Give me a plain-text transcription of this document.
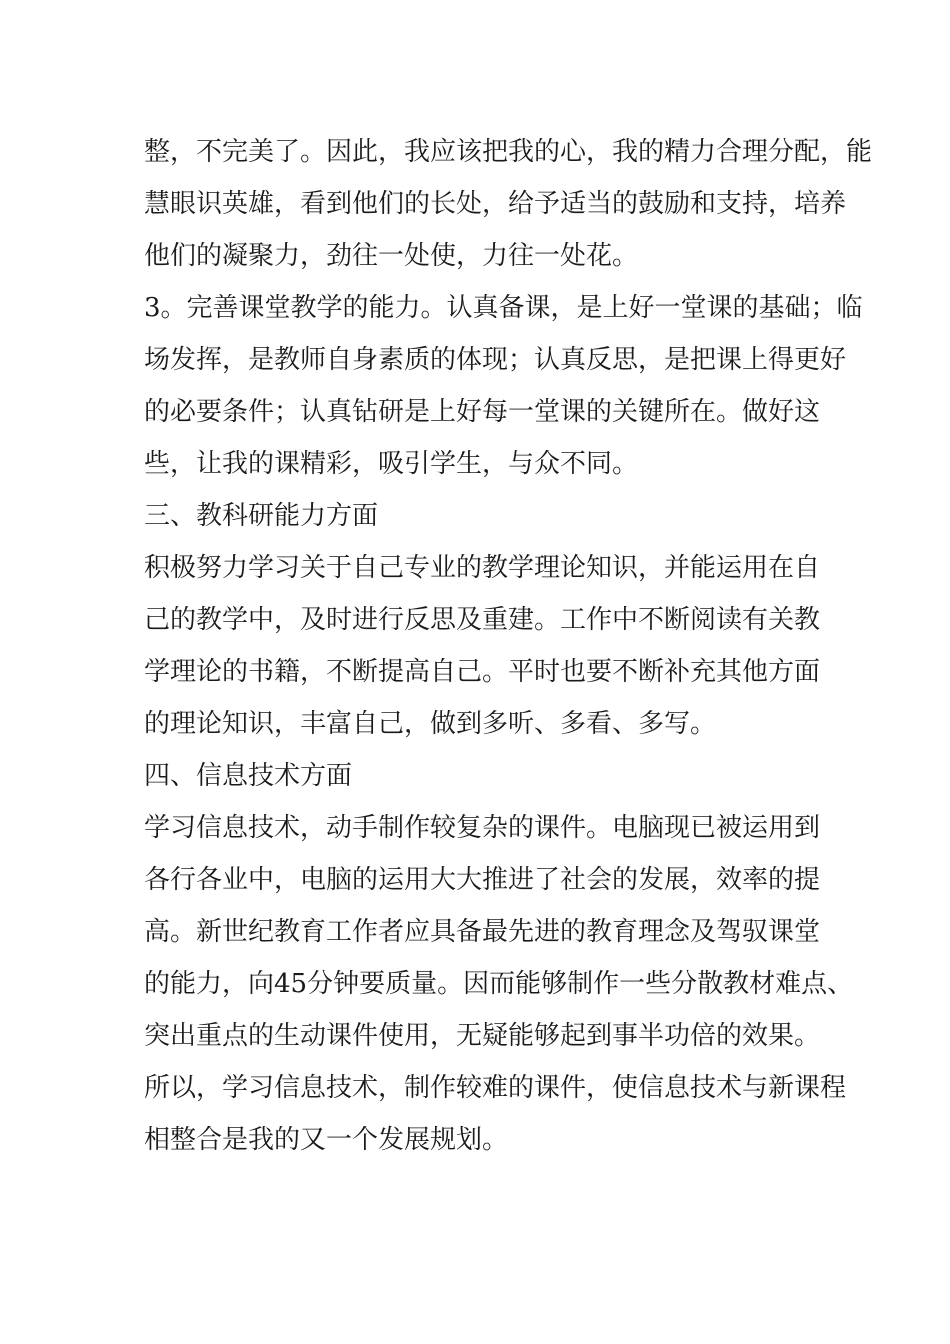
整，不完美了。因此，我应该把我的心，我的精力合理分配，能
慧眼识英雄，看到他们的长处，给予适当的鼓励和支持，培养
他们的凝聚力，劲往一处使，力往一处花。
3。完善课堂教学的能力。认真备课，是上好一堂课的基础；临
场发挥，是教师自身素质的体现；认真反思，是把课上得更好
的必要条件；认真钻研是上好每一堂课的关键所在。做好这
些，让我的课精彩，吸引学生，与众不同。
三、教科研能力方面
积极努力学习关于自己专业的教学理论知识，并能运用在自
己的教学中，及时进行反思及重建。工作中不断阅读有关教
学理论的书籍，不断提高自己。平时也要不断补充其他方面
的理论知识，丰富自己，做到多听、多看、多写。
四、信息技术方面
学习信息技术，动手制作较复杂的课件。电脑现已被运用到
各行各业中，电脑的运用大大推进了社会的发展，效率的提
高。新世纪教育工作者应具备最先进的教育理念及驾驭课堂
的能力，向45分钟要质量。因而能够制作一些分散教材难点、
突出重点的生动课件使用，无疑能够起到事半功倍的效果。
所以，学习信息技术，制作较难的课件，使信息技术与新课程
相整合是我的又一个发展规划。
